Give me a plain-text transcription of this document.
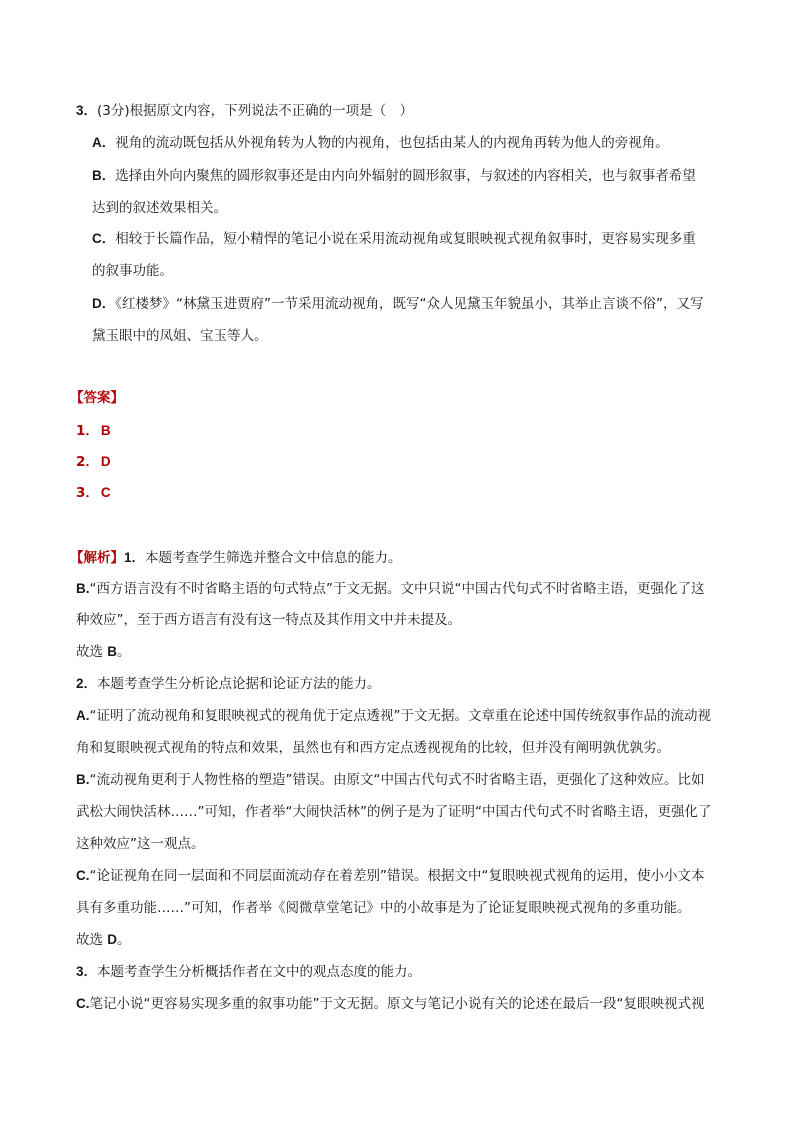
3．(3分)根据原文内容，下列说法不正确的一项是（　）
A．视角的流动既包括从外视角转为人物的内视角，也包括由某人的内视角再转为他人的旁视角。
B．选择由外向内聚焦的圆形叙事还是由内向外辐射的圆形叙事，与叙述的内容相关，也与叙事者希望
达到的叙述效果相关。
C．相较于长篇作品，短小精悍的笔记小说在采用流动视角或复眼映视式视角叙事时，更容易实现多重
的叙事功能。
D．《红楼梦》“林黛玉进贾府”一节采用流动视角，既写“众人见黛玉年貌虽小，其举止言谈不俗”，又写
黛玉眼中的凤姐、宝玉等人。
【答案】
1． B
2． D
3． C
【解析】1．本题考查学生筛选并整合文中信息的能力。
B.“西方语言没有不时省略主语的句式特点”于文无据。文中只说“中国古代句式不时省略主语，更强化了这
种效应”，至于西方语言有没有这一特点及其作用文中并未提及。
故选 B。
2．本题考查学生分析论点论据和论证方法的能力。
A.“证明了流动视角和复眼映视式的视角优于定点透视”于文无据。文章重在论述中国传统叙事作品的流动视
角和复眼映视式视角的特点和效果，虽然也有和西方定点透视视角的比较，但并没有阐明孰优孰劣。
B.“流动视角更利于人物性格的塑造”错误。由原文“中国古代句式不时省略主语，更强化了这种效应。比如
武松大闹快活林……”可知，作者举“大闹快活林”的例子是为了证明“中国古代句式不时省略主语，更强化了
这种效应”这一观点。
C.“论证视角在同一层面和不同层面流动存在着差别”错误。根据文中“复眼映视式视角的运用，使小小文本
具有多重功能……”可知，作者举《阅微草堂笔记》中的小故事是为了论证复眼映视式视角的多重功能。
故选 D。
3．本题考查学生分析概括作者在文中的观点态度的能力。
C.笔记小说“更容易实现多重的叙事功能”于文无据。原文与笔记小说有关的论述在最后一段“复眼映视式视
